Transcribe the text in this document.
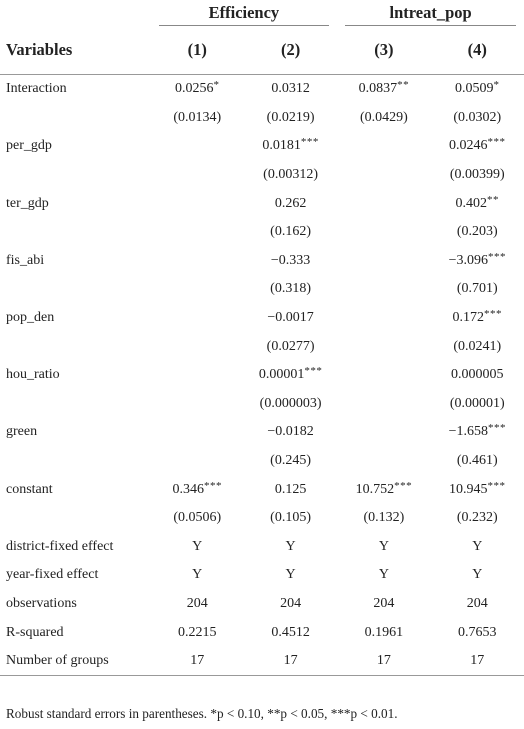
	Efficiency		lntreat_pop	

Variables	(1)	(2)	(3)	(4)
Interaction	0.0256*	0.0312	0.0837**	0.0509*
	(0.0134)	(0.0219)	(0.0429)	(0.0302)
per_gdp		0.0181***		0.0246***
		(0.00312)		(0.00399)
ter_gdp		0.262		0.402**
		(0.162)		(0.203)
fis_abi		−0.333		−3.096***
		(0.318)		(0.701)
pop_den		−0.0017		0.172***
		(0.0277)		(0.0241)
hou_ratio		0.00001***		0.000005
		(0.000003)		(0.00001)
green		−0.0182		−1.658***
		(0.245)		(0.461)
constant	0.346***	0.125	10.752***	10.945***
	(0.0506)	(0.105)	(0.132)	(0.232)
district-fixed effect	Y	Y	Y	Y
year-fixed effect	Y	Y	Y	Y
observations	204	204	204	204
R-squared	0.2215	0.4512	0.1961	0.7653
Number of groups	17	17	17	17
Robust standard errors in parentheses. *p < 0.10, **p < 0.05, ***p < 0.01.
